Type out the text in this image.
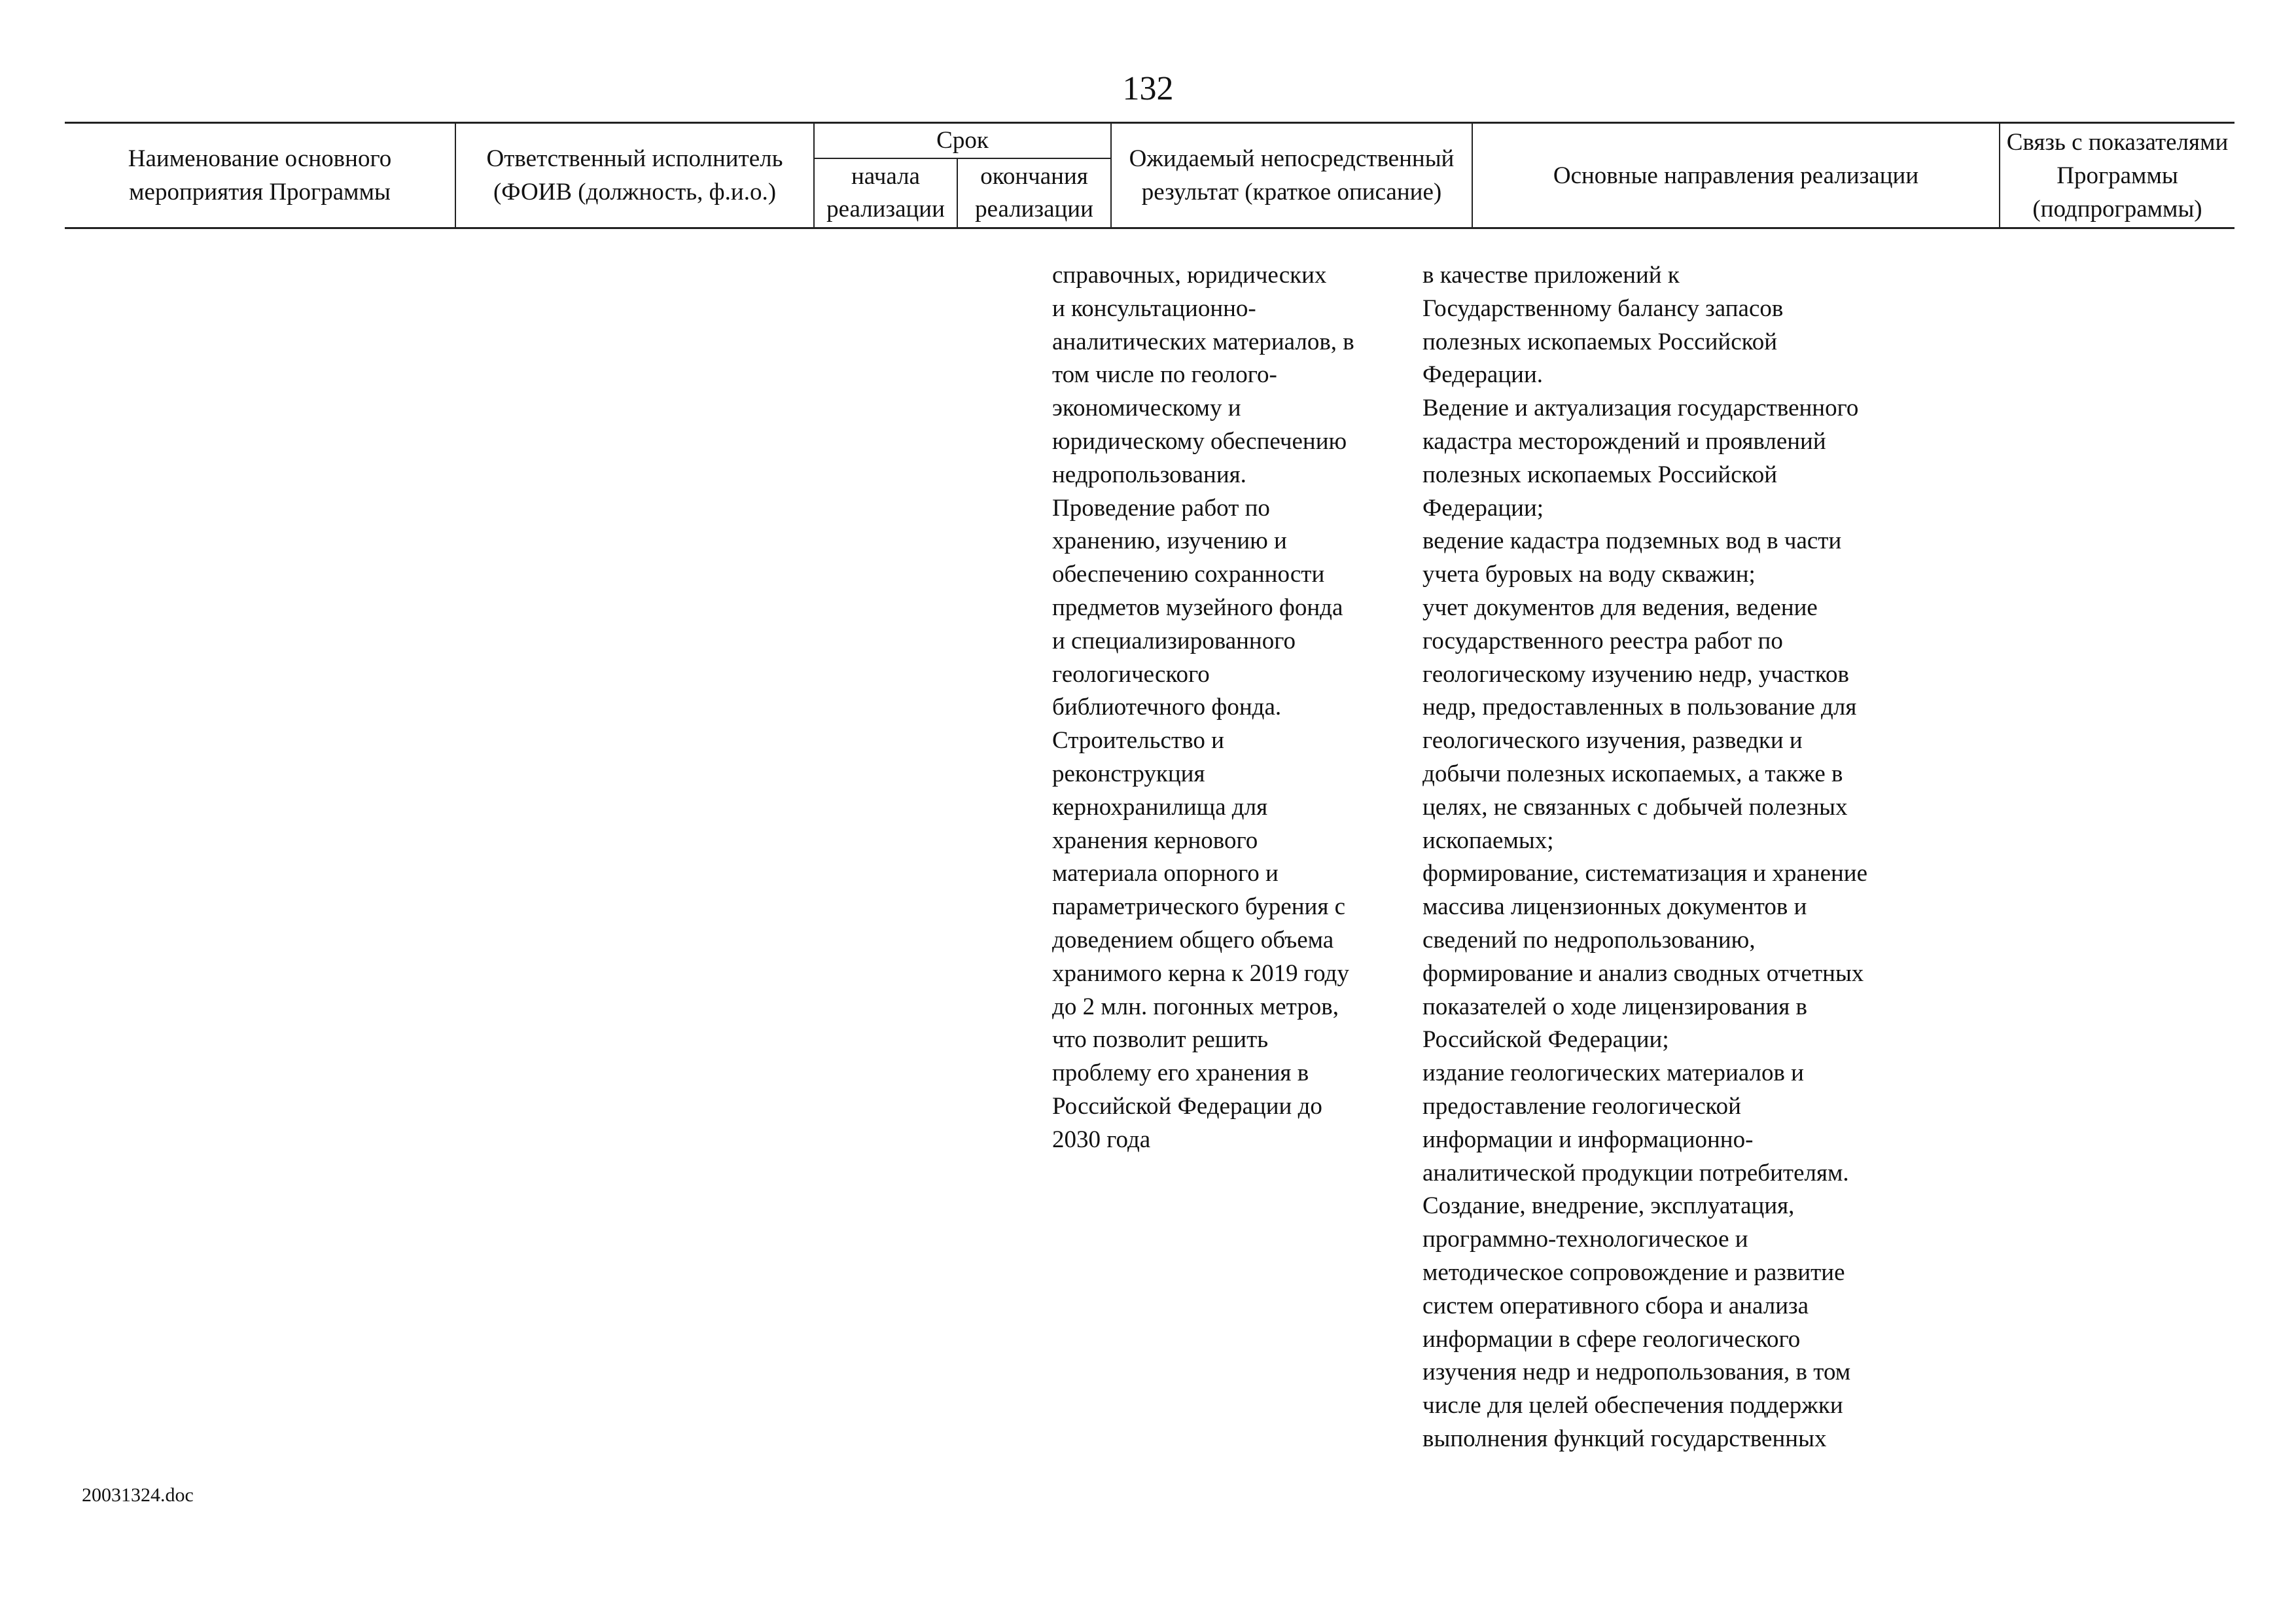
132
Наименование основного мероприятия Программы
Ответственный исполнитель (ФОИВ (должность, ф.и.о.)
Срок
начала реализации
окончания реализации
Ожидаемый непосредственный результат (краткое описание)
Основные направления реализации
Связь с показателями Программы (подпрограммы)
справочных, юридических
и консультационно-
аналитических материалов, в
том числе по геолого-
экономическому и
юридическому обеспечению
недропользования.
Проведение работ по
хранению, изучению и
обеспечению сохранности
предметов музейного фонда
и специализированного
геологического
библиотечного фонда.
Строительство и
реконструкция
кернохранилища для
хранения кернового
материала опорного и
параметрического бурения с
доведением общего объема
хранимого керна к 2019 году
до 2 млн. погонных метров,
что позволит решить
проблему его хранения в
Российской Федерации до
2030 года
в качестве приложений к
Государственному балансу запасов
полезных ископаемых Российской
Федерации.
Ведение и актуализация государственного
кадастра месторождений и проявлений
полезных ископаемых Российской
Федерации;
ведение кадастра подземных вод в части
учета буровых на воду скважин;
учет документов для ведения, ведение
государственного реестра работ по
геологическому изучению недр, участков
недр, предоставленных в пользование для
геологического изучения, разведки и
добычи полезных ископаемых, а также в
целях, не связанных с добычей полезных
ископаемых;
формирование, систематизация и хранение
массива лицензионных документов и
сведений по недропользованию,
формирование и анализ сводных отчетных
показателей о ходе лицензирования в
Российской Федерации;
издание геологических материалов и
предоставление геологической
информации и информационно-
аналитической продукции потребителям.
Создание, внедрение, эксплуатация,
программно-технологическое и
методическое сопровождение и развитие
систем оперативного сбора и анализа
информации в сфере геологического
изучения недр и недропользования, в том
числе для целей обеспечения поддержки
выполнения функций государственных
20031324.doc
